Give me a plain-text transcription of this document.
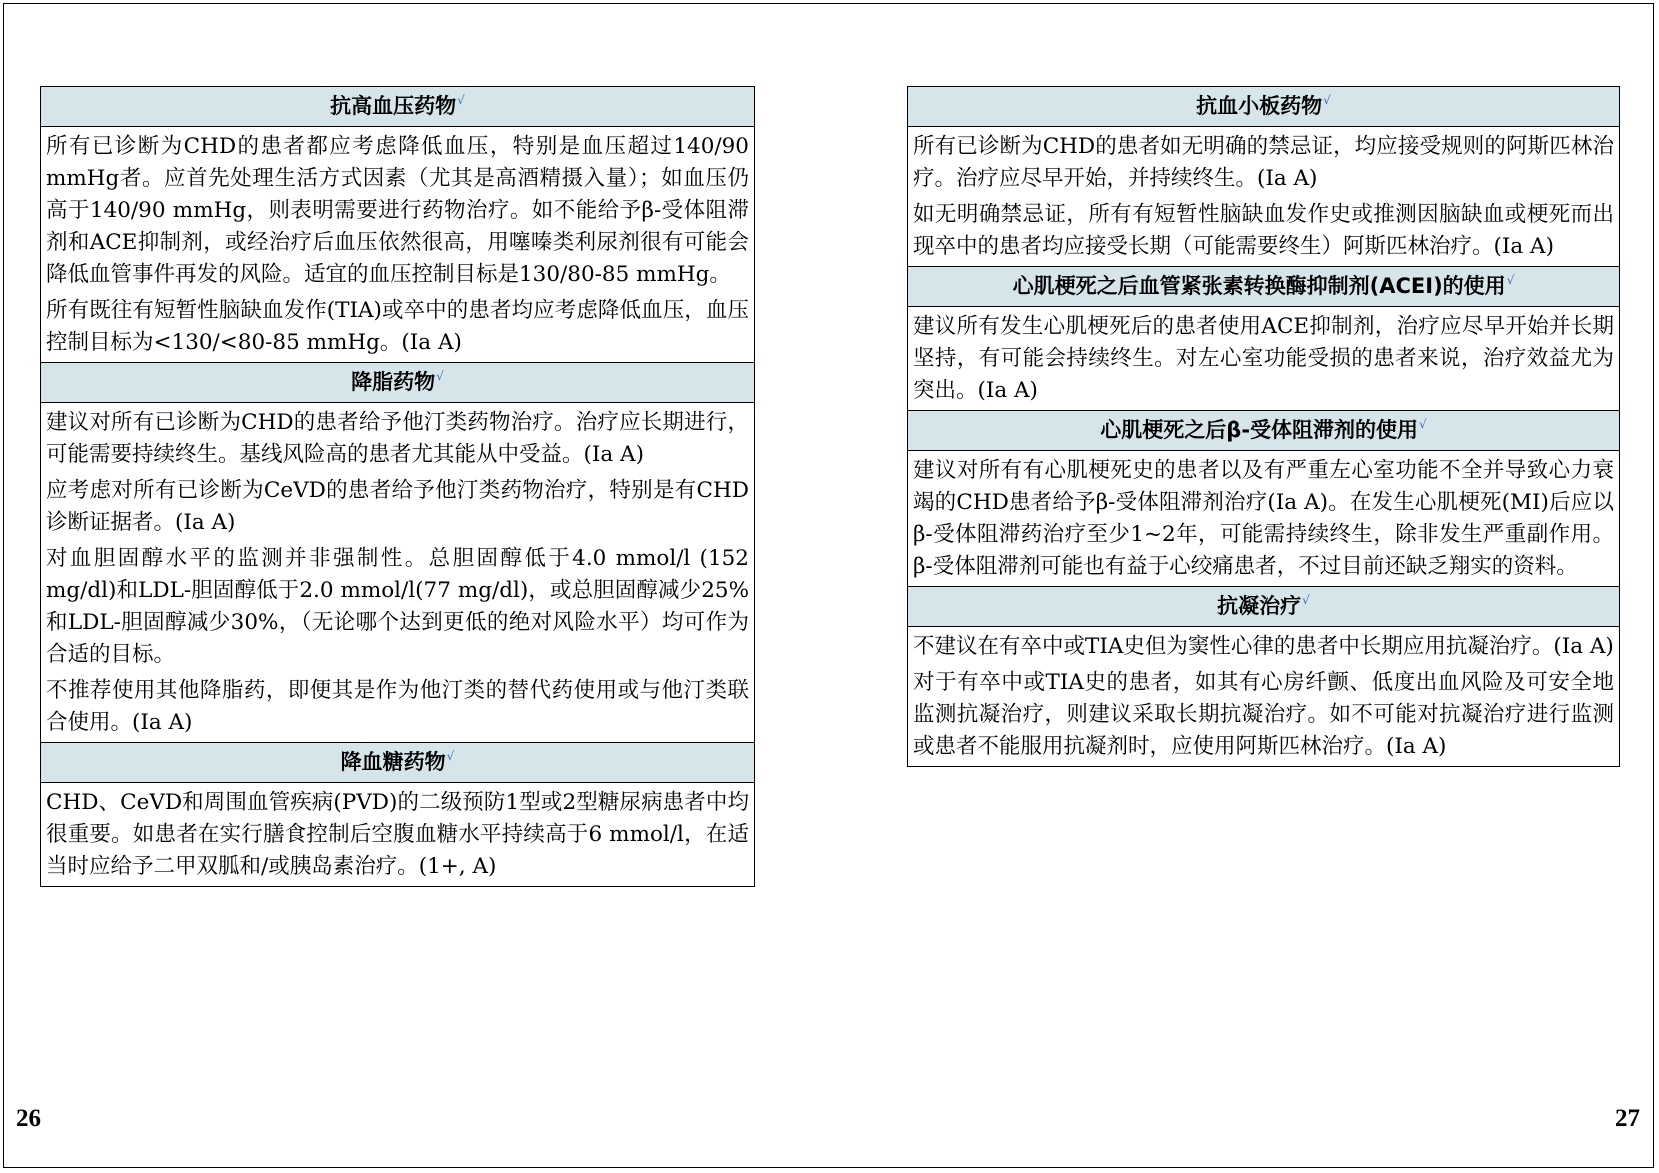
抗高血压药物√

所有已诊断为CHD的患者都应考虑降低血压，特别是血压超过140/90 mmHg者。应首先处理生活方式因素（尤其是高酒精摄入量）；如血压仍高于140/90 mmHg，则表明需要进行药物治疗。如不能给予β-受体阻滞剂和ACE抑制剂，或经治疗后血压依然很高，用噻嗪类利尿剂很有可能会降低血管事件再发的风险。适宜的血压控制目标是130/80-85 mmHg。

所有既往有短暂性脑缺血发作(TIA)或卒中的患者均应考虑降低血压，血压控制目标为<130/<80-85 mmHg。(Ia A)

降脂药物√

建议对所有已诊断为CHD的患者给予他汀类药物治疗。治疗应长期进行，可能需要持续终生。基线风险高的患者尤其能从中受益。(Ia A)

应考虑对所有已诊断为CeVD的患者给予他汀类药物治疗，特别是有CHD诊断证据者。(Ia A)

对血胆固醇水平的监测并非强制性。总胆固醇低于4.0 mmol/l (152 mg/dl)和LDL-胆固醇低于2.0 mmol/l(77 mg/dl)，或总胆固醇减少25%和LDL-胆固醇减少30%，（无论哪个达到更低的绝对风险水平）均可作为合适的目标。

不推荐使用其他降脂药，即便其是作为他汀类的替代药使用或与他汀类联合使用。(Ia A)

降血糖药物√

CHD、CeVD和周围血管疾病(PVD)的二级预防1型或2型糖尿病患者中均很重要。如患者在实行膳食控制后空腹血糖水平持续高于6 mmol/l，在适当时应给予二甲双胍和/或胰岛素治疗。(1+, A)

抗血小板药物√

所有已诊断为CHD的患者如无明确的禁忌证，均应接受规则的阿斯匹林治疗。治疗应尽早开始，并持续终生。(Ia A)

如无明确禁忌证，所有有短暂性脑缺血发作史或推测因脑缺血或梗死而出现卒中的患者均应接受长期（可能需要终生）阿斯匹林治疗。(Ia A)

心肌梗死之后血管紧张素转换酶抑制剂(ACEI)的使用√

建议所有发生心肌梗死后的患者使用ACE抑制剂，治疗应尽早开始并长期坚持，有可能会持续终生。对左心室功能受损的患者来说，治疗效益尤为突出。(Ia A)

心肌梗死之后β-受体阻滞剂的使用√

建议对所有有心肌梗死史的患者以及有严重左心室功能不全并导致心力衰竭的CHD患者给予β-受体阻滞剂治疗(Ia A)。在发生心肌梗死(MI)后应以β-受体阻滞药治疗至少1~2年，可能需持续终生，除非发生严重副作用。β-受体阻滞剂可能也有益于心绞痛患者，不过目前还缺乏翔实的资料。

抗凝治疗√

不建议在有卒中或TIA史但为窦性心律的患者中长期应用抗凝治疗。(Ia A)

对于有卒中或TIA史的患者，如其有心房纤颤、低度出血风险及可安全地监测抗凝治疗，则建议采取长期抗凝治疗。如不可能对抗凝治疗进行监测或患者不能服用抗凝剂时，应使用阿斯匹林治疗。(Ia A)

26	27
